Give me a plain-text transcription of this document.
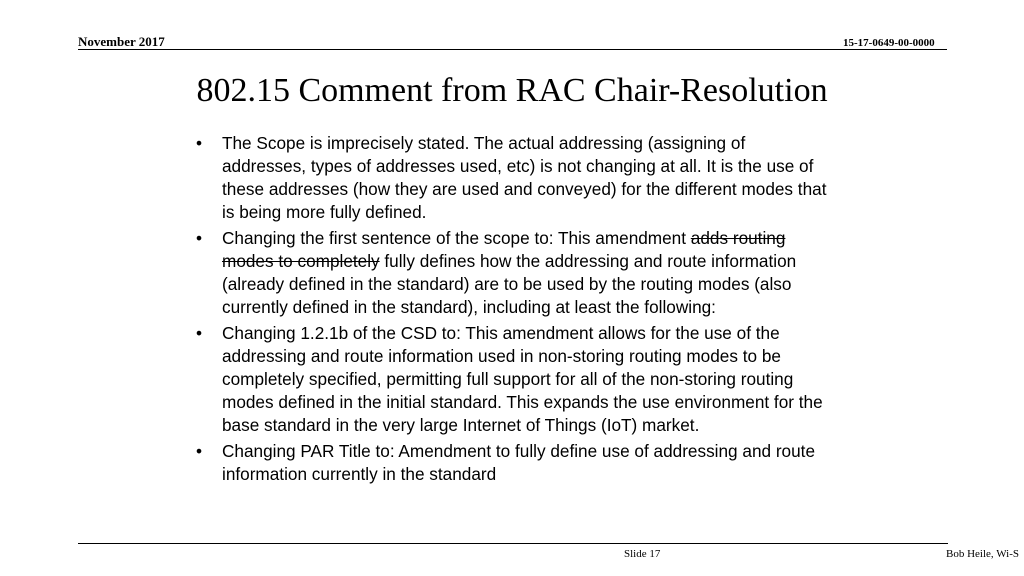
November 2017	15-17-0649-00-0000
802.15 Comment from RAC Chair-Resolution
• The Scope is imprecisely stated. The actual addressing (assigning of addresses, types of addresses used, etc) is not changing at all. It is the use of these addresses (how they are used and conveyed) for the different modes that is being more fully defined.
• Changing the first sentence of the scope to: This amendment adds routing modes to completely fully defines how the addressing and route information (already defined in the standard) are to be used by the routing modes (also currently defined in the standard), including at least the following:
• Changing 1.2.1b of the CSD to: This amendment allows for the use of the addressing and route information used in non-storing routing modes to be completely specified, permitting full support for all of the non-storing routing modes defined in the initial standard. This expands the use environment for the base standard in the very large Internet of Things (IoT) market.
• Changing PAR Title to: Amendment to fully define use of addressing and route information currently in the standard
Slide 17	Bob Heile, Wi-S
